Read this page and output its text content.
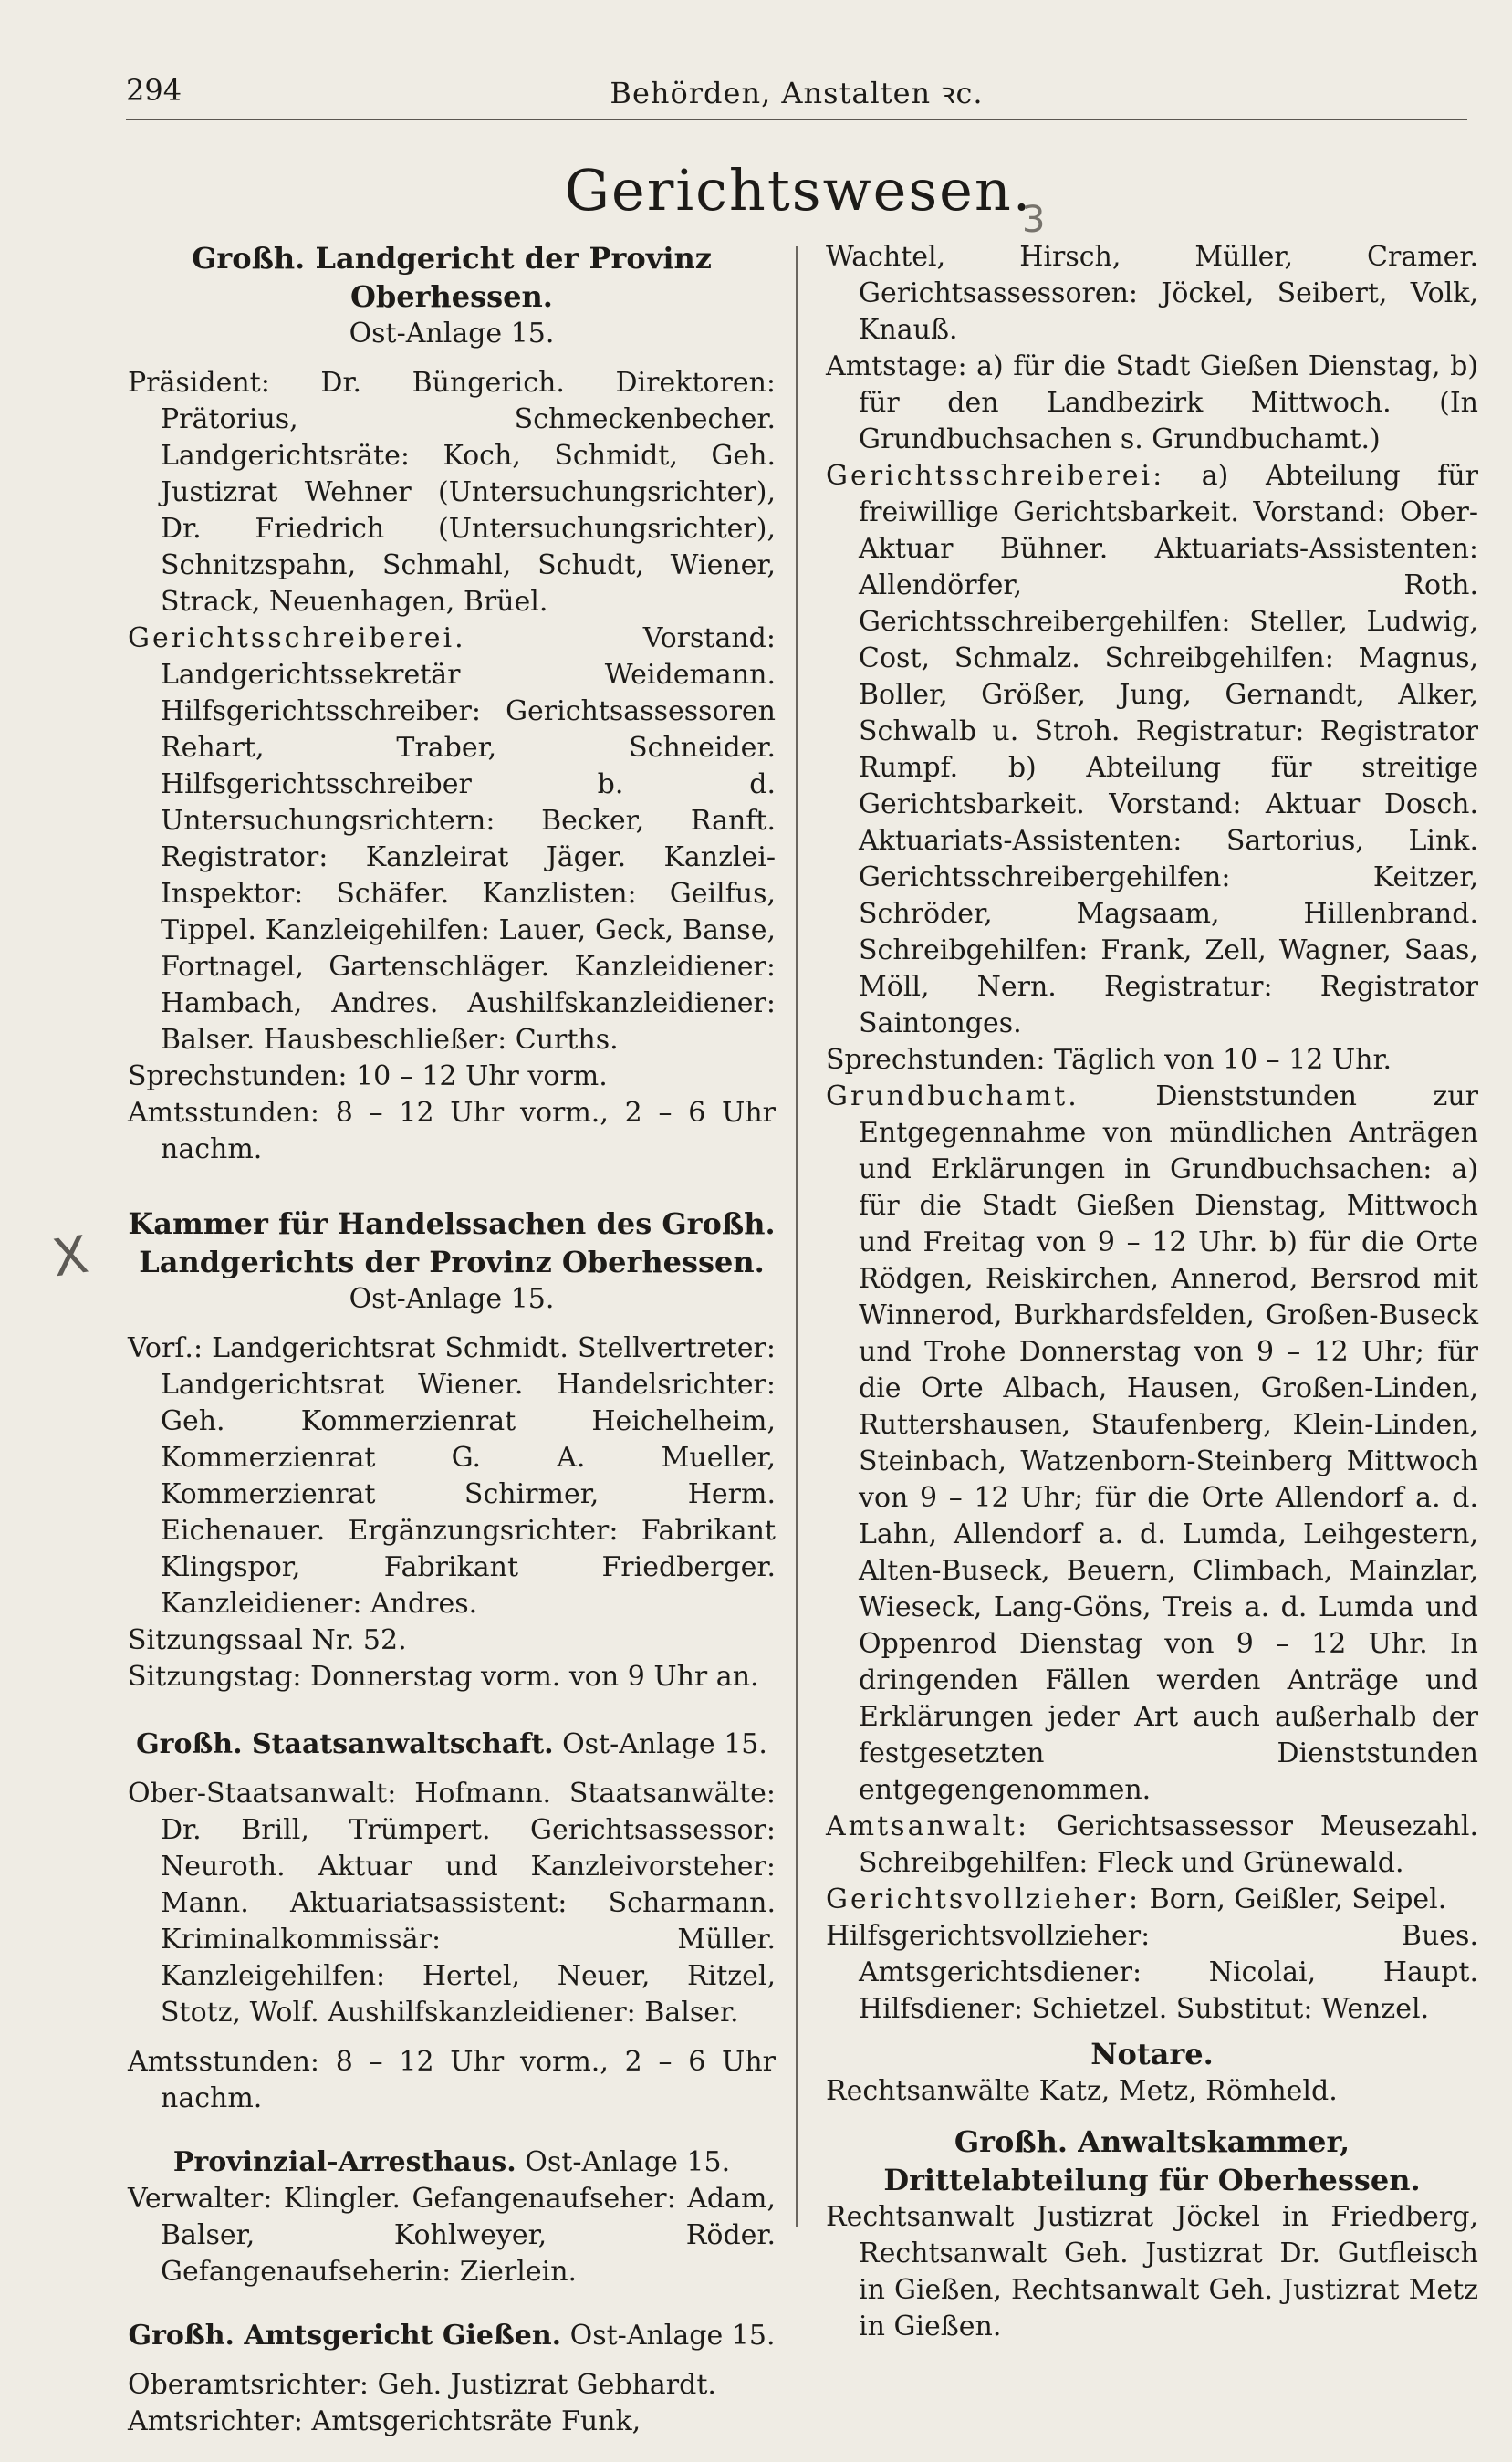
294	Behörden, Anstalten ꝛc.
Gerichtswesen.
3
X
Großh. Landgericht der Provinz Oberhessen.
Ost-Anlage 15.

Präsident: Dr. Büngerich. Direktoren: Prätorius, Schmeckenbecher. Landgerichtsräte: Koch, Schmidt, Geh. Justizrat Wehner (Untersuchungsrichter), Dr. Friedrich (Untersuchungsrichter), Schnitzspahn, Schmahl, Schudt, Wiener, Strack, Neuenhagen, Brüel.

Gerichtsschreiberei. Vorstand: Landgerichtssekretär Weidemann. Hilfsgerichtsschreiber: Gerichtsassessoren Rehart, Traber, Schneider. Hilfsgerichtsschreiber b. d. Untersuchungsrichtern: Becker, Ranft. Registrator: Kanzleirat Jäger. Kanzlei-Inspektor: Schäfer. Kanzlisten: Geilfus, Tippel. Kanzleigehilfen: Lauer, Geck, Banse, Fortnagel, Gartenschläger. Kanzleidiener: Hambach, Andres. Aushilfskanzleidiener: Balser. Hausbeschließer: Curths.

Sprechstunden: 10 – 12 Uhr vorm.

Amtsstunden: 8 – 12 Uhr vorm., 2 – 6 Uhr nachm.

Kammer für Handelssachen des Großh. Landgerichts der Provinz Oberhessen.
Ost-Anlage 15.

Vorſ.: Landgerichtsrat Schmidt. Stellvertreter: Landgerichtsrat Wiener. Handelsrichter: Geh. Kommerzienrat Heichelheim, Kommerzienrat G. A. Mueller, Kommerzienrat Schirmer, Herm. Eichenauer. Ergänzungsrichter: Fabrikant Klingspor, Fabrikant Friedberger. Kanzleidiener: Andres.

Sitzungssaal Nr. 52.

Sitzungstag: Donnerstag vorm. von 9 Uhr an.

Großh. Staatsanwaltschaft. Ost-Anlage 15.

Ober-Staatsanwalt: Hofmann. Staatsanwälte: Dr. Brill, Trümpert. Gerichtsassessor: Neuroth. Aktuar und Kanzleivorsteher: Mann. Aktuariatsassistent: Scharmann. Kriminalkommissär: Müller. Kanzleigehilfen: Hertel, Neuer, Ritzel, Stotz, Wolf. Aushilfskanzleidiener: Balser.

Amtsstunden: 8 – 12 Uhr vorm., 2 – 6 Uhr nachm.

Provinzial-Arresthaus. Ost-Anlage 15.

Verwalter: Klingler. Gefangenaufseher: Adam, Balser, Kohlweyer, Röder. Gefangenaufseherin: Zierlein.

Großh. Amtsgericht Gießen. Ost-Anlage 15.

Oberamtsrichter: Geh. Justizrat Gebhardt.

Amtsrichter: Amtsgerichtsräte Funk,

Wachtel, Hirsch, Müller, Cramer. Gerichtsassessoren: Jöckel, Seibert, Volk, Knauß.

Amtstage: a) für die Stadt Gießen Dienstag, b) für den Landbezirk Mittwoch. (In Grundbuchsachen s. Grundbuchamt.)

Gerichtsschreiberei: a) Abteilung für freiwillige Gerichtsbarkeit. Vorstand: Ober-Aktuar Bühner. Aktuariats-Assistenten: Allendörfer, Roth. Gerichtsschreibergehilfen: Steller, Ludwig, Cost, Schmalz. Schreibgehilfen: Magnus, Boller, Größer, Jung, Gernandt, Alker, Schwalb u. Stroh. Registratur: Registrator Rumpf. b) Abteilung für streitige Gerichtsbarkeit. Vorstand: Aktuar Dosch. Aktuariats-Assistenten: Sartorius, Link. Gerichtsschreibergehilfen: Keitzer, Schröder, Magsaam, Hillenbrand. Schreibgehilfen: Frank, Zell, Wagner, Saas, Möll, Nern. Registratur: Registrator Saintonges.

Sprechstunden: Täglich von 10 – 12 Uhr.

Grundbuchamt. Dienststunden zur Entgegennahme von mündlichen Anträgen und Erklärungen in Grundbuchsachen: a) für die Stadt Gießen Dienstag, Mittwoch und Freitag von 9 – 12 Uhr. b) für die Orte Rödgen, Reiskirchen, Annerod, Bersrod mit Winnerod, Burkhardsfelden, Großen-Buseck und Trohe Donnerstag von 9 – 12 Uhr; für die Orte Albach, Hausen, Großen-Linden, Ruttershausen, Staufenberg, Klein-Linden, Steinbach, Watzenborn-Steinberg Mittwoch von 9 – 12 Uhr; für die Orte Allendorf a. d. Lahn, Allendorf a. d. Lumda, Leihgestern, Alten-Buseck, Beuern, Climbach, Mainzlar, Wieseck, Lang-Göns, Treis a. d. Lumda und Oppenrod Dienstag von 9 – 12 Uhr. In dringenden Fällen werden Anträge und Erklärungen jeder Art auch außerhalb der festgesetzten Dienststunden entgegengenommen.

Amtsanwalt: Gerichtsassessor Meusezahl. Schreibgehilfen: Fleck und Grünewald.

Gerichtsvollzieher: Born, Geißler, Seipel.

Hilfsgerichtsvollzieher: Bues. Amtsgerichtsdiener: Nicolai, Haupt. Hilfsdiener: Schietzel. Substitut: Wenzel.

Notare.

Rechtsanwälte Katz, Metz, Römheld.

Großh. Anwaltskammer, Drittelabteilung für Oberhessen.

Rechtsanwalt Justizrat Jöckel in Friedberg, Rechtsanwalt Geh. Justizrat Dr. Gutfleisch in Gießen, Rechtsanwalt Geh. Justizrat Metz in Gießen.
